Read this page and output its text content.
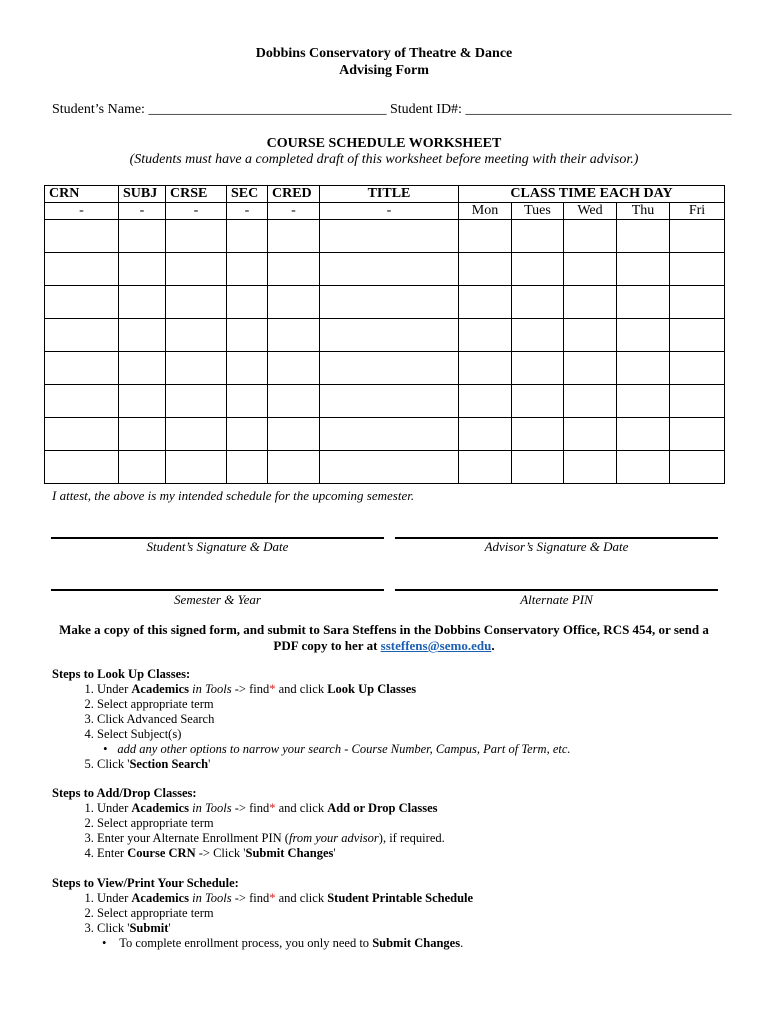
Dobbins Conservatory of Theatre & Dance
Advising Form
Student’s Name: __________________________________ Student ID#: ______________________________________
COURSE SCHEDULE WORKSHEET
(Students must have a completed draft of this worksheet before meeting with their advisor.)
CRN	SUBJ	CRSE	SEC	CRED	TITLE	CLASS TIME EACH DAY				
-	-	-	-	-	-	Mon	Tues	Wed	Thu	Fri

I attest, the above is my intended schedule for the upcoming semester.
Student’s Signature & Date	Advisor’s Signature & Date
Semester & Year	Alternate PIN
Make a copy of this signed form, and submit to Sara Steffens in the Dobbins Conservatory Office, RCS 454, or send a PDF copy to her at ssteffens@semo.edu.
Steps to Look Up Classes:
1. Under Academics in Tools -> find* and click Look Up Classes
2. Select appropriate term
3. Click Advanced Search
4. Select Subject(s)
• add any other options to narrow your search - Course Number, Campus, Part of Term, etc.
5. Click 'Section Search'
Steps to Add/Drop Classes:
1. Under Academics in Tools -> find* and click Add or Drop Classes
2. Select appropriate term
3. Enter your Alternate Enrollment PIN (from your advisor), if required.
4. Enter Course CRN -> Click 'Submit Changes'
Steps to View/Print Your Schedule:
1. Under Academics in Tools -> find* and click Student Printable Schedule
2. Select appropriate term
3. Click 'Submit'
• To complete enrollment process, you only need to Submit Changes.
